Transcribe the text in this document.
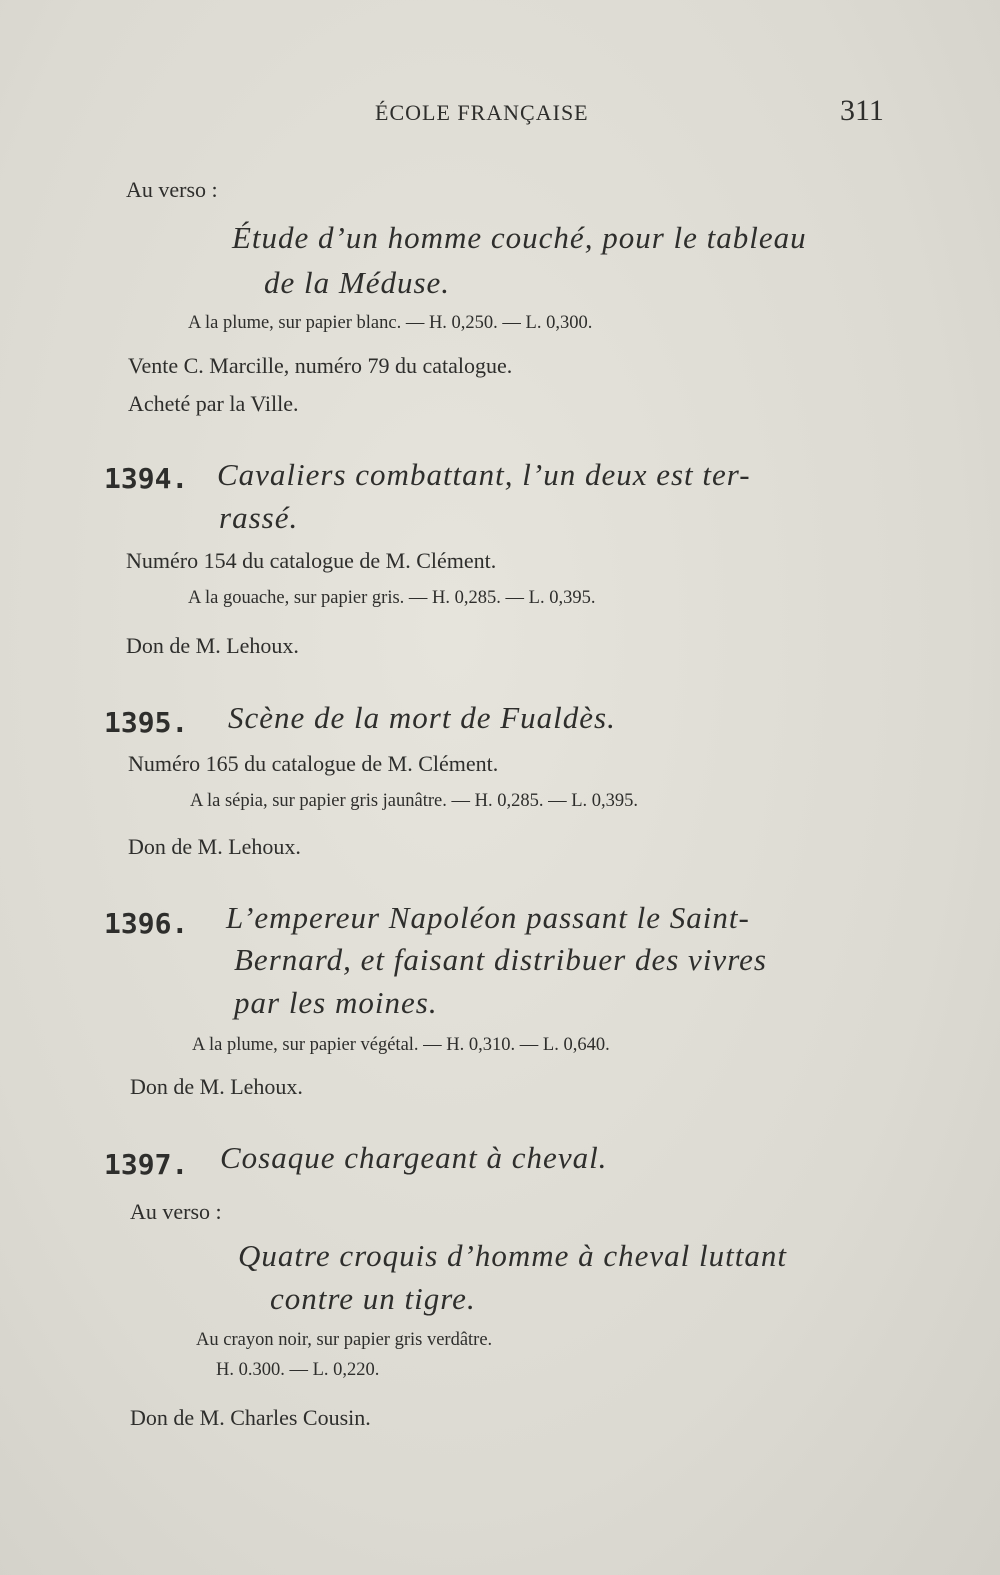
ÉCOLE FRANÇAISE	311
Au verso :
Étude d’un homme couché, pour le tableau
de la Méduse.
A la plume, sur papier blanc. — H. 0,250. — L. 0,300.
Vente C. Marcille, numéro 79 du catalogue.
Acheté par la Ville.
1394. Cavaliers combattant, l’un deux est ter-
rassé.
Numéro 154 du catalogue de M. Clément.
A la gouache, sur papier gris. — H. 0,285. — L. 0,395.
Don de M. Lehoux.
1395. Scène de la mort de Fualdès.
Numéro 165 du catalogue de M. Clément.
A la sépia, sur papier gris jaunâtre. — H. 0,285. — L. 0,395.
Don de M. Lehoux.
1396. L’empereur Napoléon passant le Saint-
Bernard, et faisant distribuer des vivres
par les moines.
A la plume, sur papier végétal. — H. 0,310. — L. 0,640.
Don de M. Lehoux.
1397. Cosaque chargeant à cheval.
Au verso :
Quatre croquis d’homme à cheval luttant
contre un tigre.
Au crayon noir, sur papier gris verdâtre.
H. 0.300. — L. 0,220.
Don de M. Charles Cousin.
